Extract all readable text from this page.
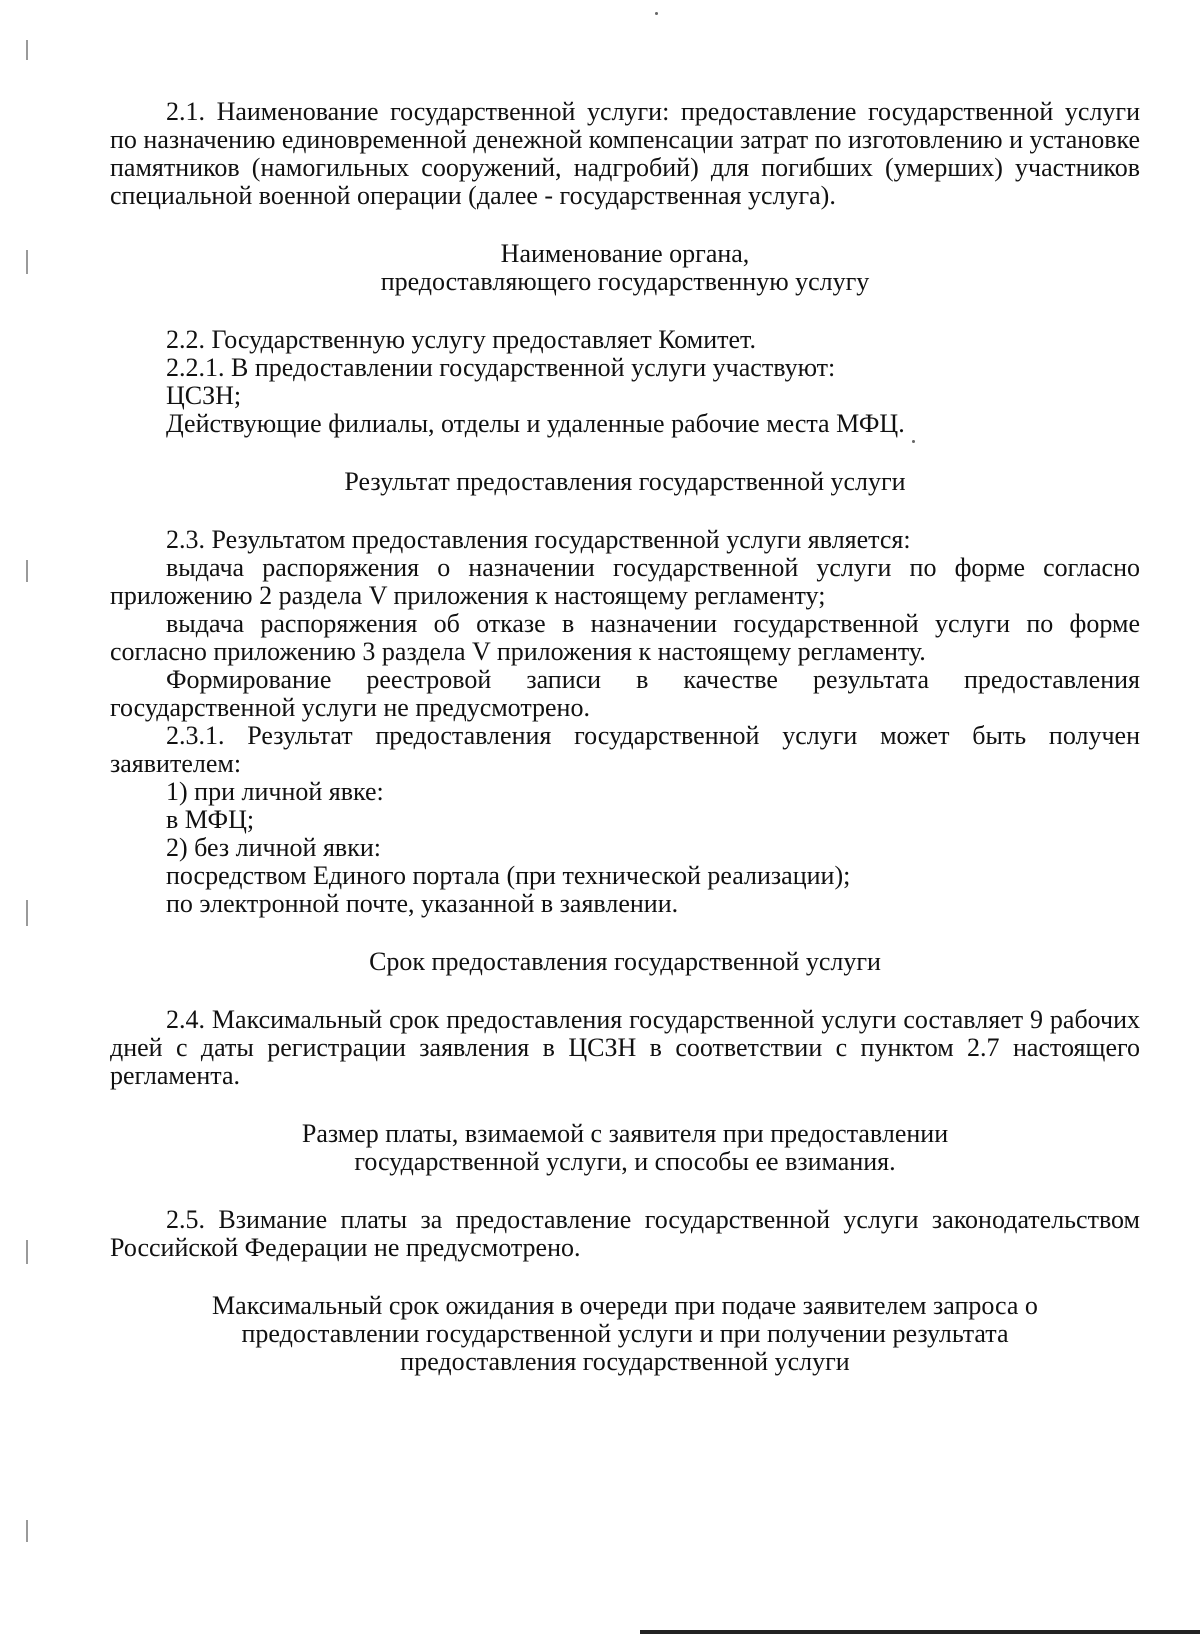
2.1. Наименование государственной услуги: предоставление государственной услуги по назначению единовременной денежной компенсации затрат по изготовлению и установке памятников (намогильных сооружений, надгробий) для погибших (умерших) участников специальной военной операции (далее - государственная услуга).

Наименование органа,

предоставляющего государственную услугу

2.2. Государственную услугу предоставляет Комитет.

2.2.1. В предоставлении государственной услуги участвуют:

ЦСЗН;

Действующие филиалы, отделы и удаленные рабочие места МФЦ.

Результат предоставления государственной услуги

2.3. Результатом предоставления государственной услуги является:

выдача распоряжения о назначении государственной услуги по форме согласно приложению 2 раздела V приложения к настоящему регламенту;

выдача распоряжения об отказе в назначении государственной услуги по форме согласно приложению 3 раздела V приложения к настоящему регламенту.

Формирование реестровой записи в качестве результата предоставления государственной услуги не предусмотрено.

2.3.1. Результат предоставления государственной услуги может быть получен заявителем:

1) при личной явке:

в МФЦ;

2) без личной явки:

посредством Единого портала (при технической реализации);

по электронной почте, указанной в заявлении.

Срок предоставления государственной услуги

2.4. Максимальный срок предоставления государственной услуги составляет 9 рабочих дней с даты регистрации заявления в ЦСЗН в соответствии с пунктом 2.7 настоящего регламента.

Размер платы, взимаемой с заявителя при предоставлении

государственной услуги, и способы ее взимания.

2.5. Взимание платы за предоставление государственной услуги законодательством Российской Федерации не предусмотрено.

Максимальный срок ожидания в очереди при подаче заявителем запроса о

предоставлении государственной услуги и при получении результата

предоставления государственной услуги
